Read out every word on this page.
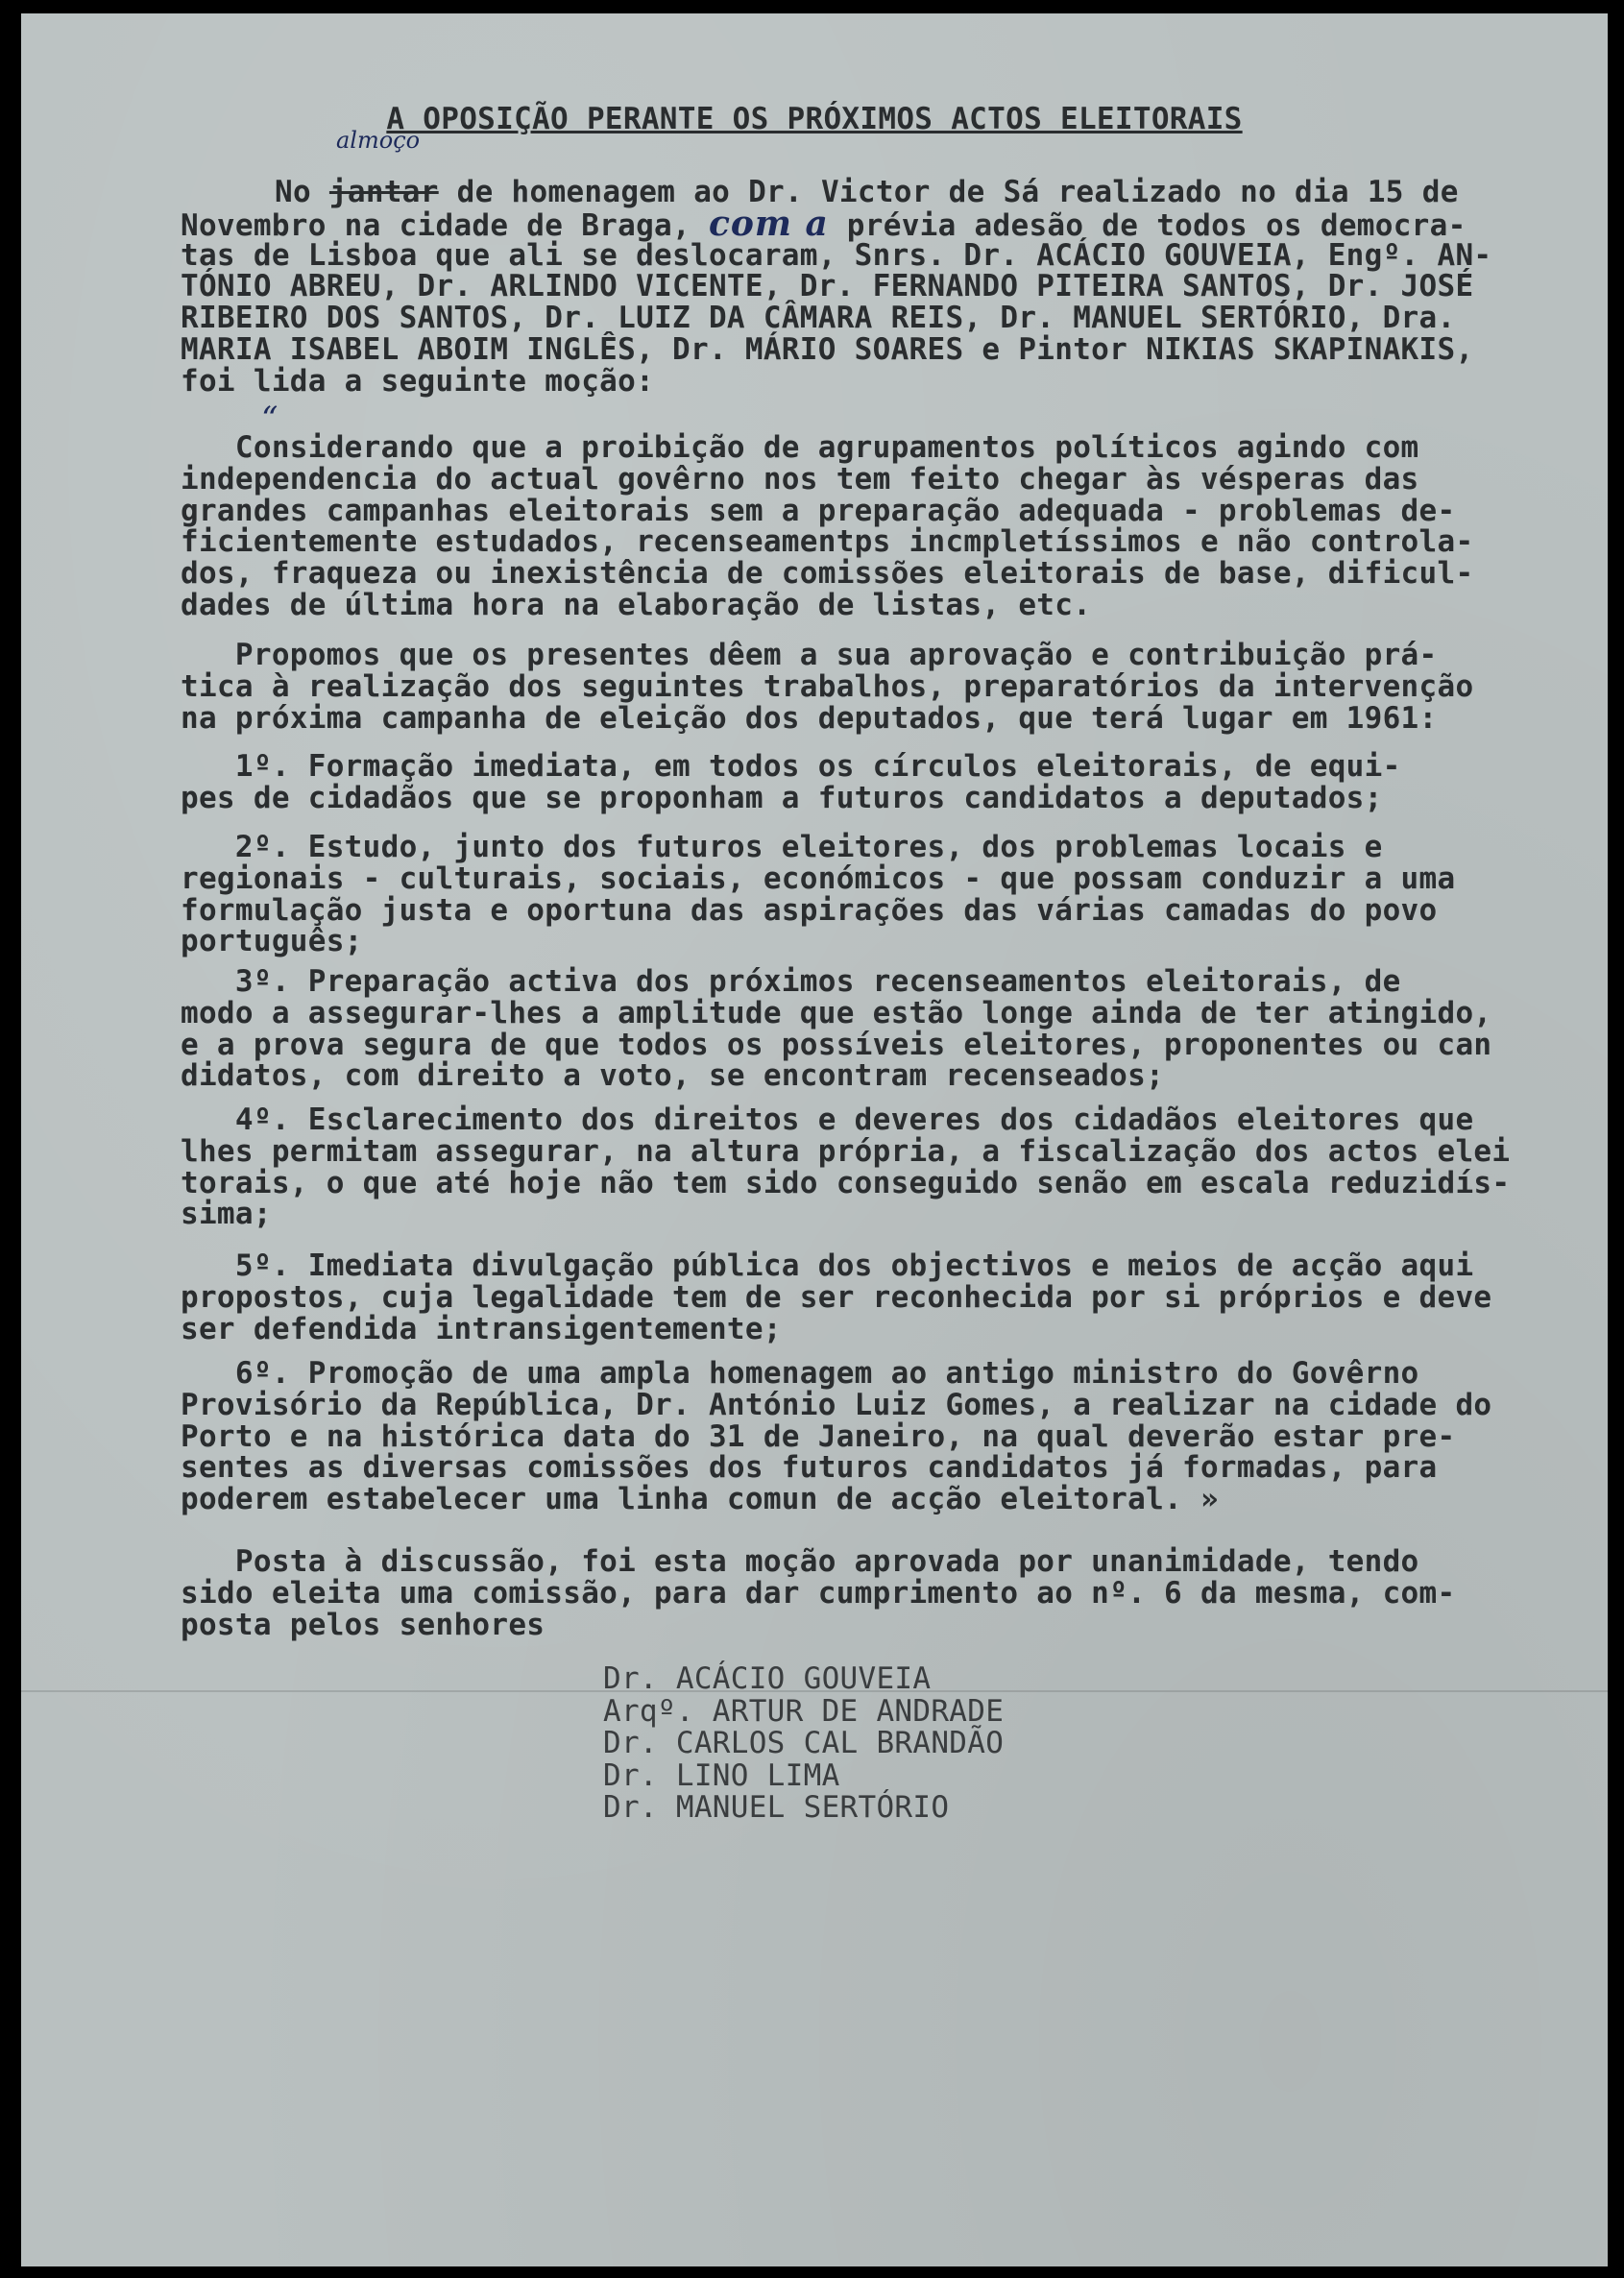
A OPOSIÇÃO PERANTE OS PRÓXIMOS ACTOS ELEITORAIS
almoço
No jantar de homenagem ao Dr. Victor de Sá realizado no dia 15 de
Novembro na cidade de Braga, com a prévia adesão de todos os democra-
tas de Lisboa que ali se deslocaram, Snrs. Dr. ACÁCIO GOUVEIA, Engº. AN-
TÓNIO ABREU, Dr. ARLINDO VICENTE, Dr. FERNANDO PITEIRA SANTOS, Dr. JOSÉ
RIBEIRO DOS SANTOS, Dr. LUIZ DA CÂMARA REIS, Dr. MANUEL SERTÓRIO, Dra.
MARIA ISABEL ABOIM INGLÊS, Dr. MÁRIO SOARES e Pintor NIKIAS SKAPINAKIS,
foi lida a seguinte moção:
“
Considerando que a proibição de agrupamentos políticos agindo com
independencia do actual govêrno nos tem feito chegar às vésperas das
grandes campanhas eleitorais sem a preparação adequada - problemas de-
ficientemente estudados, recenseamentps incmpletíssimos e não controla-
dos, fraqueza ou inexistência de comissões eleitorais de base, dificul-
dades de última hora na elaboração de listas, etc.
Propomos que os presentes dêem a sua aprovação e contribuição prá-
tica à realização dos seguintes trabalhos, preparatórios da intervenção
na próxima campanha de eleição dos deputados, que terá lugar em 1961:
1º. Formação imediata, em todos os círculos eleitorais, de equi-
pes de cidadãos que se proponham a futuros candidatos a deputados;
2º. Estudo, junto dos futuros eleitores, dos problemas locais e
regionais - culturais, sociais, económicos - que possam conduzir a uma
formulação justa e oportuna das aspirações das várias camadas do povo
português;
3º. Preparação activa dos próximos recenseamentos eleitorais, de
modo a assegurar-lhes a amplitude que estão longe ainda de ter atingido,
e a prova segura de que todos os possíveis eleitores, proponentes ou can
didatos, com direito a voto, se encontram recenseados;
4º. Esclarecimento dos direitos e deveres dos cidadãos eleitores que
lhes permitam assegurar, na altura própria, a fiscalização dos actos elei
torais, o que até hoje não tem sido conseguido senão em escala reduzidís-
sima;
5º. Imediata divulgação pública dos objectivos e meios de acção aqui
propostos, cuja legalidade tem de ser reconhecida por si próprios e deve
ser defendida intransigentemente;
6º. Promoção de uma ampla homenagem ao antigo ministro do Govêrno
Provisório da República, Dr. António Luiz Gomes, a realizar na cidade do
Porto e na histórica data do 31 de Janeiro, na qual deverão estar pre-
sentes as diversas comissões dos futuros candidatos já formadas, para
poderem estabelecer uma linha comun de acção eleitoral. »
Posta à discussão, foi esta moção aprovada por unanimidade, tendo
sido eleita uma comissão, para dar cumprimento ao nº. 6 da mesma, com-
posta pelos senhores
Dr. ACÁCIO GOUVEIA
Arqº. ARTUR DE ANDRADE
Dr. CARLOS CAL BRANDÃO
Dr. LINO LIMA
Dr. MANUEL SERTÓRIO
